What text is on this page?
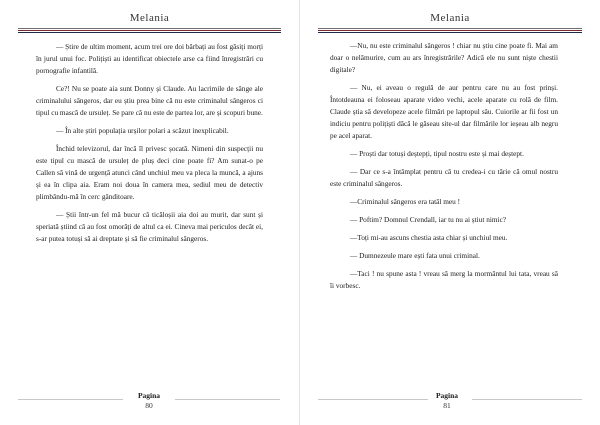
Melania

— Știre de ultim moment, acum trei ore doi bărbați au fost găsiți morți în jurul unui foc. Polițiști au identificat obiectele arse ca fiind înregistrări cu pornografie infantilă.

Ce?! Nu se poate aia sunt Donny și Claude. Au lacrimile de sânge ale criminalului sângeros, dar eu știu prea bine că nu este criminalul sângeros ci tipul cu mască de ursuleț. Se pare că nu este de partea lor, are și scopuri bune.

— În alte știri populația urșilor polari a scăzut inexplicabil.

Închid televizorul, dar încă îl privesc șocată. Nimeni din suspecții nu este tipul cu mască de ursuleț de pluș deci cine poate fi? Am sunat-o pe Callen să vină de urgență atunci când unchiul meu va pleca la muncă, a ajuns și ea în clipa aia. Eram noi doua în camera mea, sediul meu de detectiv plimbându-mă în cerc gânditoare.

— Știi într-un fel mă bucur că ticăloșii aia doi au murit, dar sunt și speriată știind că au fost omorâți de altul ca ei. Cineva mai periculos decât ei, s-ar putea totuși să ai dreptate și să fie criminalul sângeros.

Pagina
80
Melania

—Nu, nu este criminalul sângeros ! chiar nu știu cine poate fi. Mai am doar o nelămurire, cum au ars înregistrările? Adică ele nu sunt niște chestii digitale?

— Nu, ei aveau o regulă de aur pentru care nu au fost prinși. Întotdeauna ei foloseau aparate video vechi, acele aparate cu rolă de film. Claude știa să developeze acele filmări pe laptopul său. Cuiorile ar fii fost un indiciu pentru polițiști dăcă le găseau site-ul dar filmările lor ieșeau alb negru pe acel aparat.

— Proști dar totuși deștepți, tipul nostru este și mai deștept.

— Dar ce s-a întâmplat pentru că tu credea-i cu tărie că omul nostru este criminalul sângeros.

—Criminalul sângeros era tatăl meu !

— Poftim? Domnul Crendall, iar tu nu ai știut nimic?

—Toți mi-au ascuns chestia asta chiar și unchiul meu.

— Dumnezeule mare ești fata unui criminal.

—Taci ! nu spune asta ! vreau să merg la mormântul lui tata, vreau să îi vorbesc.

Pagina
81
